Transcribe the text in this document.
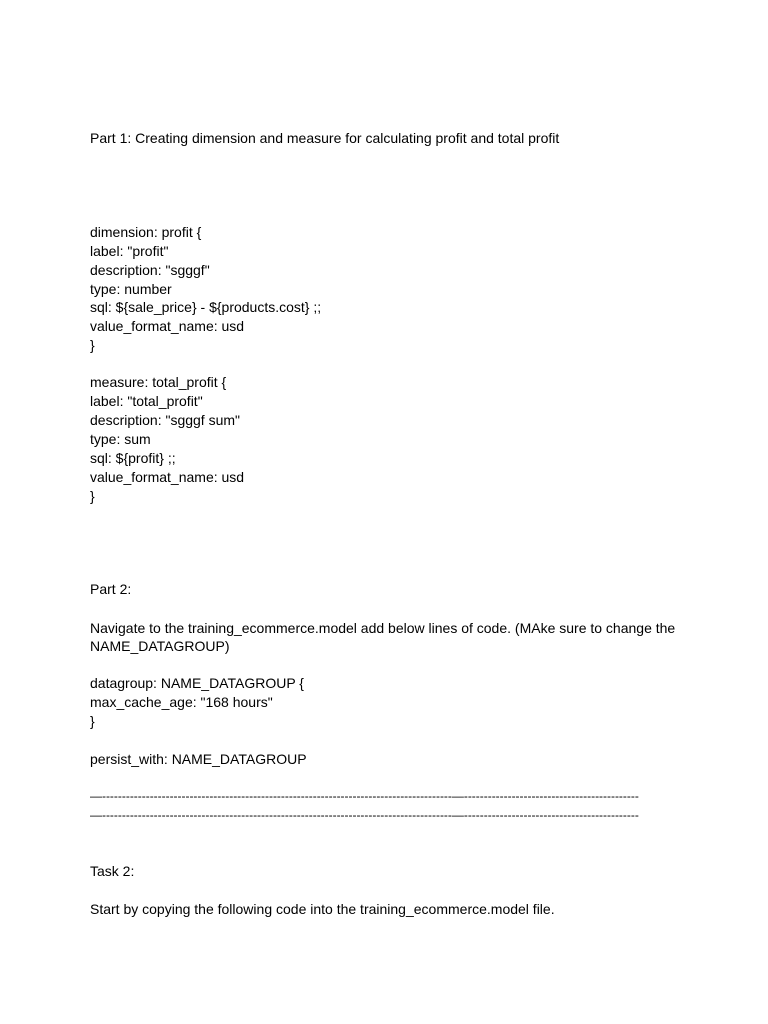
Part 1: Creating dimension and measure for calculating profit and total profit
dimension: profit {
label: "profit"
description: "sgggf"
type: number
sql: ${sale_price} - ${products.cost} ;;
value_format_name: usd
}
measure: total_profit {
label: "total_profit"
description: "sgggf sum"
type: sum
sql: ${profit} ;;
value_format_name: usd
}
Part 2:
Navigate to the training_ecommerce.model add below lines of code. (MAke sure to change the
NAME_DATAGROUP)
datagroup: NAME_DATAGROUP {
max_cache_age: "168 hours"
}
persist_with: NAME_DATAGROUP
—----------------------------------------------------------------------------------------—--------------------------------------------
—----------------------------------------------------------------------------------------—--------------------------------------------
Task 2:
Start by copying the following code into the training_ecommerce.model file.
